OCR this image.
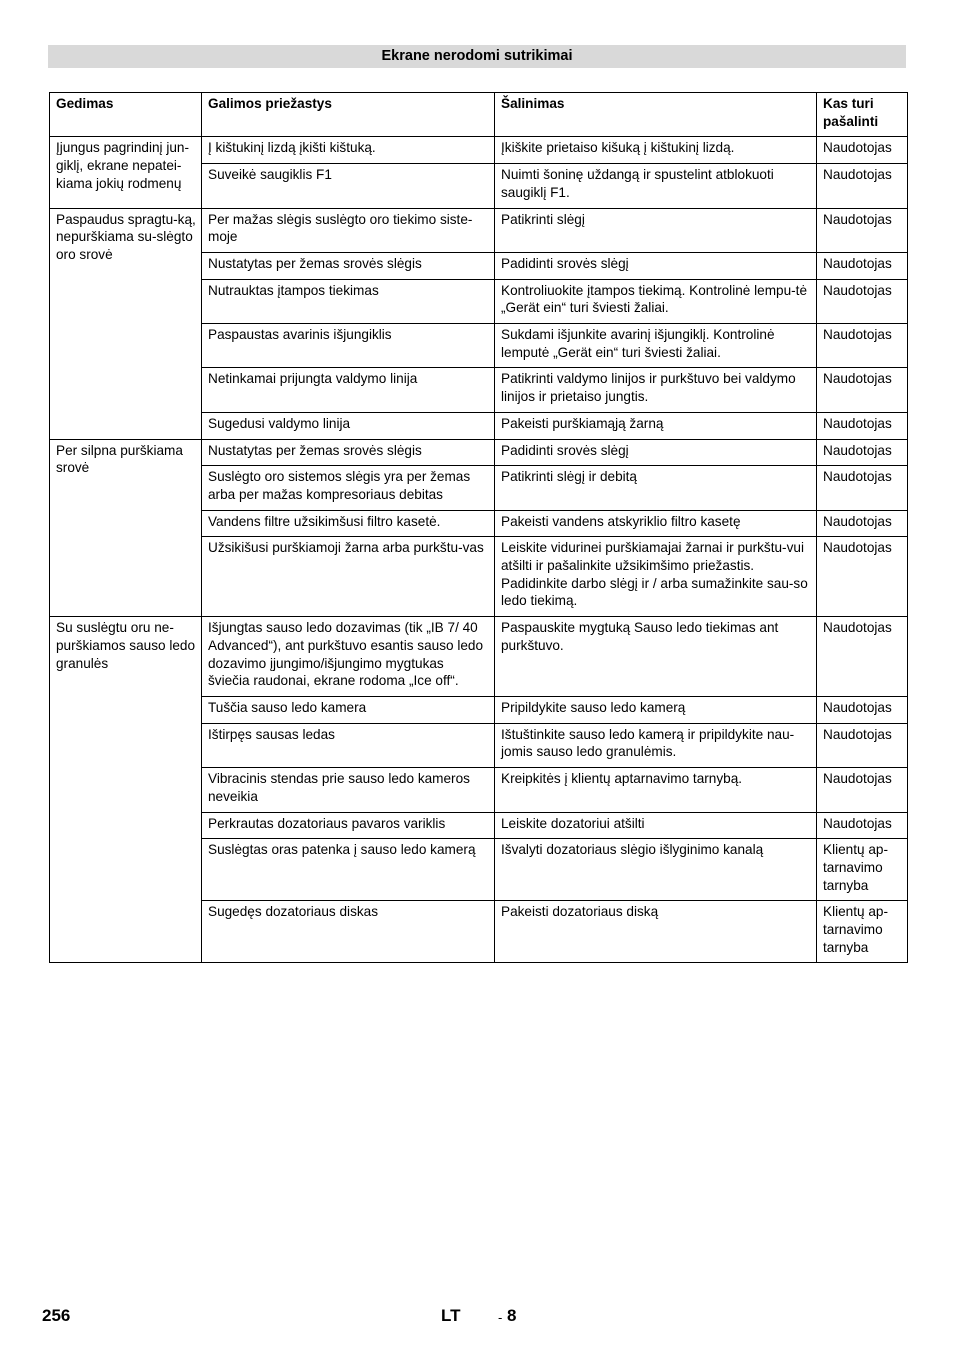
Ekrane nerodomi sutrikimai
Gedimas	Galimos priežastys	Šalinimas	Kas turi pašalinti
Įjungus pagrindinį jun-giklį, ekrane nepatei-kiama jokių rodmenų	Į kištukinį lizdą įkišti kištuką.	Įkiškite prietaiso kišuką į kištukinį lizdą.	Naudotojas
	Suveikė saugiklis F1	Nuimti šoninę uždangą ir spustelint atblokuoti saugiklį F1.	Naudotojas
Paspaudus spragtu-ką, nepurškiama su-slėgto oro srovė	Per mažas slėgis suslėgto oro tiekimo siste-moje	Patikrinti slėgį	Naudotojas
	Nustatytas per žemas srovės slėgis	Padidinti srovės slėgį	Naudotojas
	Nutrauktas įtampos tiekimas	Kontroliuokite įtampos tiekimą. Kontrolinė lempu-tė „Gerät ein“ turi šviesti žaliai.	Naudotojas
	Paspaustas avarinis išjungiklis	Sukdami išjunkite avarinį išjungiklį. Kontrolinė lemputė „Gerät ein“ turi šviesti žaliai.	Naudotojas
	Netinkamai prijungta valdymo linija	Patikrinti valdymo linijos ir purkštuvo bei valdymo linijos ir prietaiso jungtis.	Naudotojas
	Sugedusi valdymo linija	Pakeisti purškiamąją žarną	Naudotojas
Per silpna purškiama srovė	Nustatytas per žemas srovės slėgis	Padidinti srovės slėgį	Naudotojas
	Suslėgto oro sistemos slėgis yra per žemas arba per mažas kompresoriaus debitas	Patikrinti slėgį ir debitą	Naudotojas
	Vandens filtre užsikimšusi filtro kasetė.	Pakeisti vandens atskyriklio filtro kasetę	Naudotojas
	Užsikišusi purškiamoji žarna arba purkštu-vas	Leiskite vidurinei purškiamajai žarnai ir purkštu-vui atšilti ir pašalinkite užsikimšimo priežastis. Padidinkite darbo slėgį ir / arba sumažinkite sau-so ledo tiekimą.	Naudotojas
Su suslėgtu oru ne-purškiamos sauso ledo granulės	Išjungtas sauso ledo dozavimas (tik „IB 7/ 40 Advanced“), ant purkštuvo esantis sauso ledo dozavimo įjungimo/išjungimo mygtukas šviečia raudonai, ekrane rodoma „Ice off“.	Paspauskite mygtuką Sauso ledo tiekimas ant purkštuvo.	Naudotojas
	Tuščia sauso ledo kamera	Pripildykite sauso ledo kamerą	Naudotojas
	Ištirpęs sausas ledas	Ištuštinkite sauso ledo kamerą ir pripildykite nau-jomis sauso ledo granulėmis.	Naudotojas
	Vibracinis stendas prie sauso ledo kameros neveikia	Kreipkitės į klientų aptarnavimo tarnybą.	Naudotojas
	Perkrautas dozatoriaus pavaros variklis	Leiskite dozatoriui atšilti	Naudotojas
	Suslėgtas oras patenka į sauso ledo kamerą	Išvalyti dozatoriaus slėgio išlyginimo kanalą	Klientų ap-tarnavimo tarnyba
	Sugedęs dozatoriaus diskas	Pakeisti dozatoriaus diską	Klientų ap-tarnavimo tarnyba
256	LT	- 8
